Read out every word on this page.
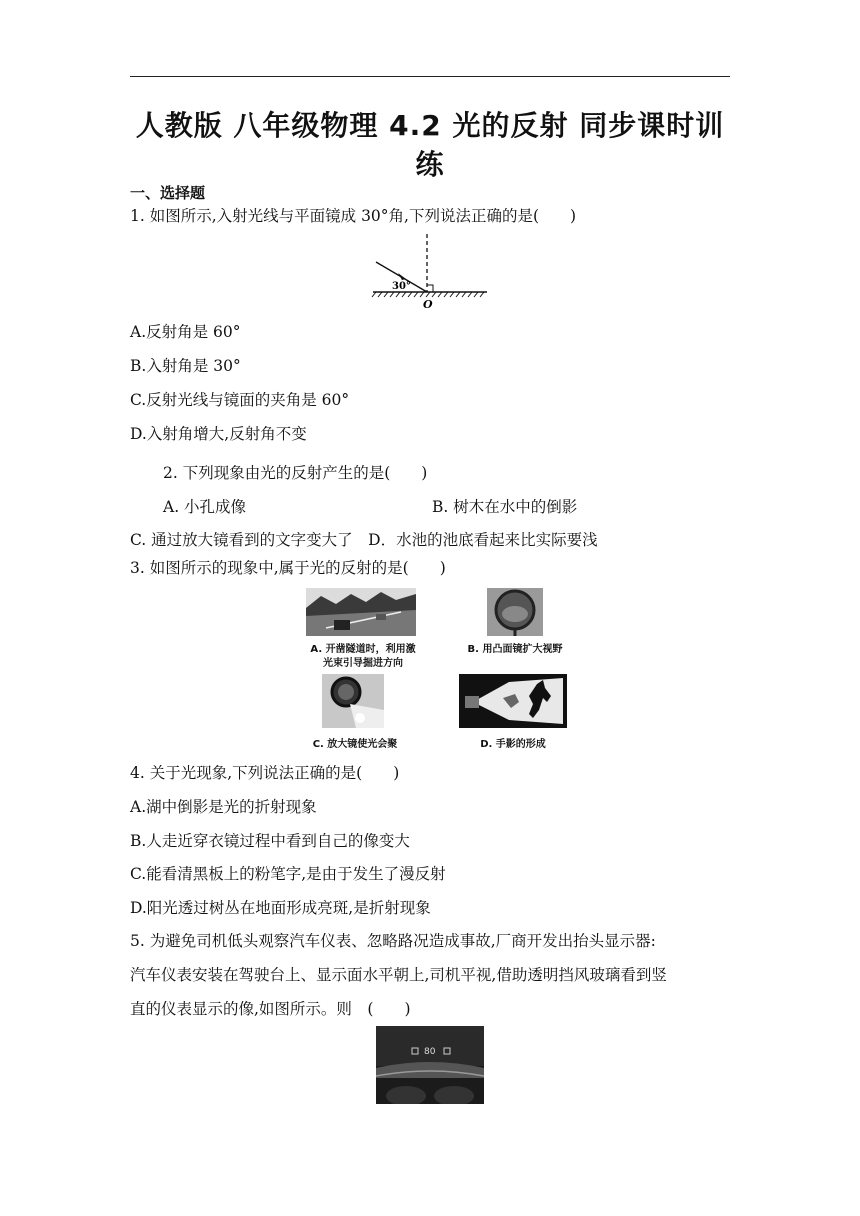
人教版 八年级物理 4.2 光的反射 同步课时训
练
一、选择题
1. 如图所示,入射光线与平面镜成 30°角,下列说法正确的是(　　)
30°
O
A.反射角是 60°
B.入射角是 30°
C.反射光线与镜面的夹角是 60°
D.入射角增大,反射角不变
2. 下列现象由光的反射产生的是(　　)
A. 小孔成像	B. 树木在水中的倒影
C. 通过放大镜看到的文字变大了　D．水池的池底看起来比实际要浅
3. 如图所示的现象中,属于光的反射的是(　　)
A. 开凿隧道时，利用激
光束引导掘进方向
B. 用凸面镜扩大视野
C. 放大镜使光会聚	D. 手影的形成
4. 关于光现象,下列说法正确的是(　　)
A.湖中倒影是光的折射现象
B.人走近穿衣镜过程中看到自己的像变大
C.能看清黑板上的粉笔字,是由于发生了漫反射
D.阳光透过树丛在地面形成亮斑,是折射现象
5. 为避免司机低头观察汽车仪表、忽略路况造成事故,厂商开发出抬头显示器:
汽车仪表安装在驾驶台上、显示面水平朝上,司机平视,借助透明挡风玻璃看到竖
直的仪表显示的像,如图所示。则　(　　)
80
